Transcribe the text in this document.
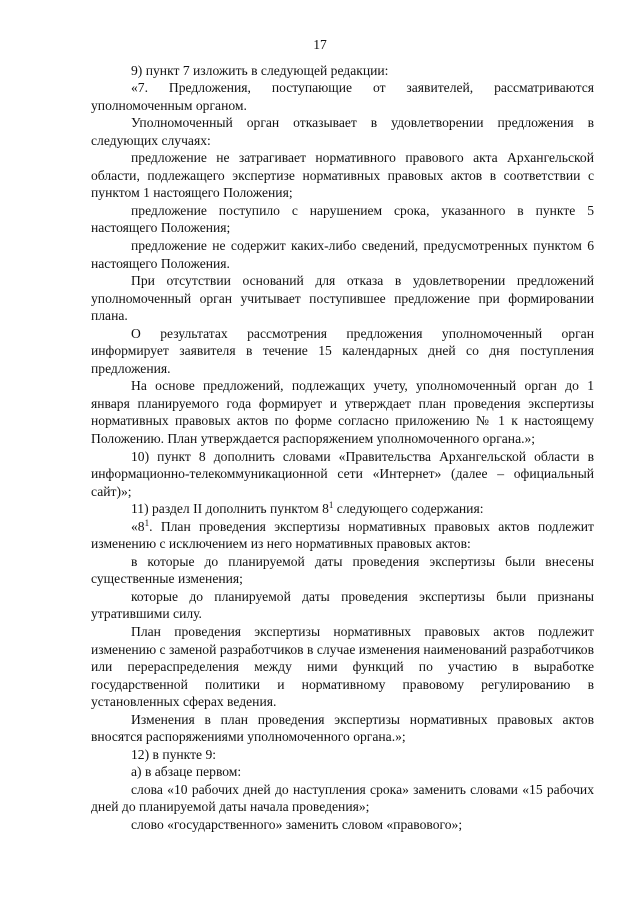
17

9) пункт 7 изложить в следующей редакции:

«7. Предложения, поступающие от заявителей, рассматриваются уполномоченным органом.

Уполномоченный орган отказывает в удовлетворении предложения в следующих случаях:

предложение не затрагивает нормативного правового акта Архангельской области, подлежащего экспертизе нормативных правовых актов в соответствии с пунктом 1 настоящего Положения;

предложение поступило с нарушением срока, указанного в пункте 5 настоящего Положения;

предложение не содержит каких-либо сведений, предусмотренных пунктом 6 настоящего Положения.

При отсутствии оснований для отказа в удовлетворении предложений уполномоченный орган учитывает поступившее предложение при формировании плана.

О результатах рассмотрения предложения уполномоченный орган информирует заявителя в течение 15 календарных дней со дня поступления предложения.

На основе предложений, подлежащих учету, уполномоченный орган до 1 января планируемого года формирует и утверждает план проведения экспертизы нормативных правовых актов по форме согласно приложению № 1 к настоящему Положению. План утверждается распоряжением уполномоченного органа.»;

10) пункт 8 дополнить словами «Правительства Архангельской области в информационно-телекоммуникационной сети «Интернет» (далее – официальный сайт)»;

11) раздел II дополнить пунктом $8^1$ следующего содержания:

«$8^1$. План проведения экспертизы нормативных правовых актов подлежит изменению с исключением из него нормативных правовых актов:

в которые до планируемой даты проведения экспертизы были внесены существенные изменения;

которые до планируемой даты проведения экспертизы были признаны утратившими силу.

План проведения экспертизы нормативных правовых актов подлежит изменению с заменой разработчиков в случае изменения наименований разработчиков или перераспределения между ними функций по участию в выработке государственной политики и нормативному правовому регулированию в установленных сферах ведения.

Изменения в план проведения экспертизы нормативных правовых актов вносятся распоряжениями уполномоченного органа.»;

12) в пункте 9:

а) в абзаце первом:

слова «10 рабочих дней до наступления срока» заменить словами «15 рабочих дней до планируемой даты начала проведения»;

слово «государственного» заменить словом «правового»;
